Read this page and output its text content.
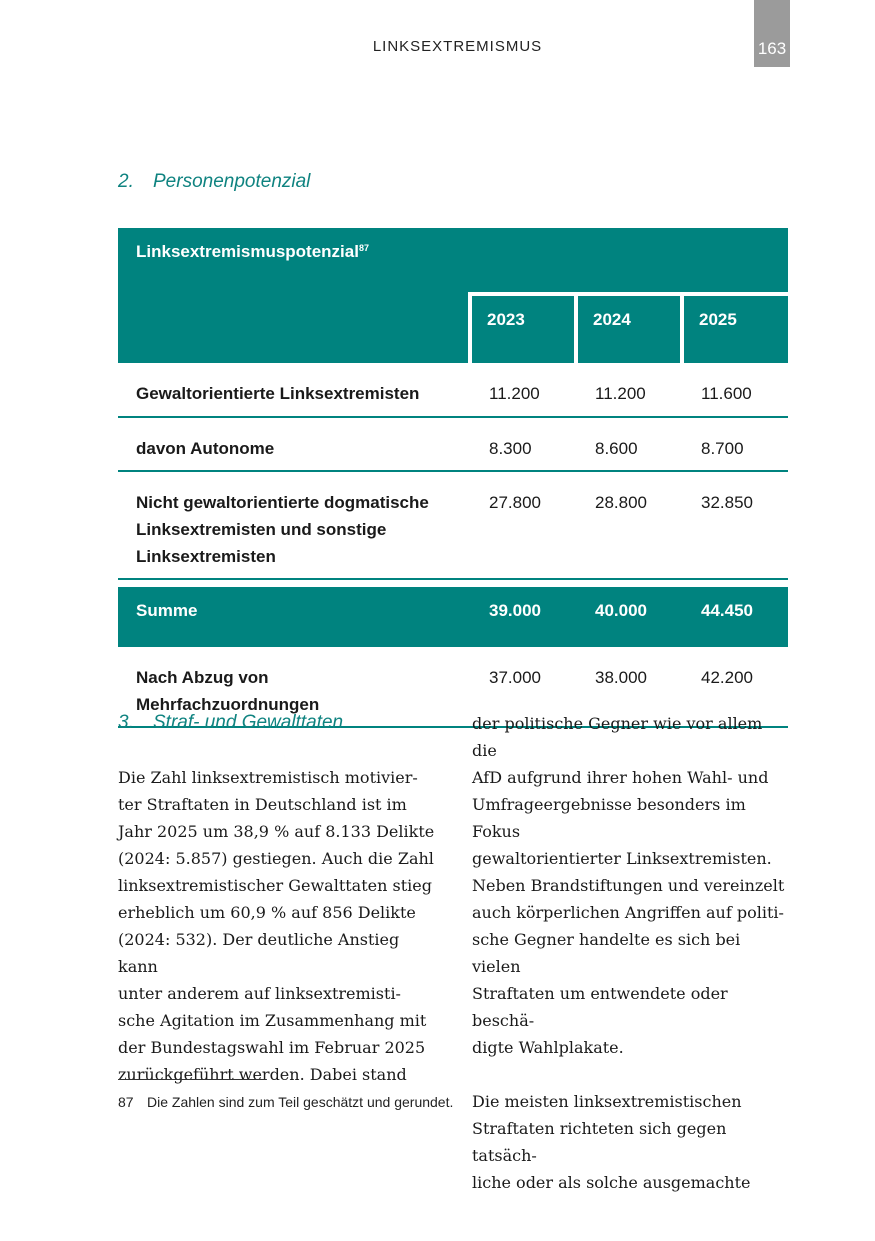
LINKSEXTREMISMUS	163
2. Personenpotenzial
Linksextremismuspotenzial$^{87}$
	2023	2024	2025
Gewaltorientierte Linksextremisten	11.200	11.200	11.600
davon Autonome	8.300	8.600	8.700
Nicht gewaltorientierte dogmatische
Linksextremisten und sonstige
Linksextremisten	27.800	28.800	32.850

Summe	39.000	40.000	44.450
Nach Abzug von
Mehrfachzuordnungen	37.000	38.000	42.200
3. Straf- und Gewalttaten

Die Zahl linksextremistisch motivier-
ter Straftaten in Deutschland ist im
Jahr 2025 um 38,9 % auf 8.133 Delikte
(2024: 5.857) gestiegen. Auch die Zahl
linksextremistischer Gewalttaten stieg
erheblich um 60,9 % auf 856 Delikte
(2024: 532). Der deutliche Anstieg kann
unter anderem auf linksextremisti-
sche Agitation im Zusammenhang mit
der Bundestagswahl im Februar 2025
zurückgeführt werden. Dabei stand

der politische Gegner wie vor allem die
AfD aufgrund ihrer hohen Wahl- und
Umfrageergebnisse besonders im Fokus
gewaltorientierter Linksextremisten.
Neben Brandstiftungen und vereinzelt
auch körperlichen Angriffen auf politi-
sche Gegner handelte es sich bei vielen
Straftaten um entwendete oder beschä-
digte Wahlplakate.

Die meisten linksextremistischen
Straftaten richteten sich gegen tatsäch-
liche oder als solche ausgemachte

87 Die Zahlen sind zum Teil geschätzt und gerundet.
